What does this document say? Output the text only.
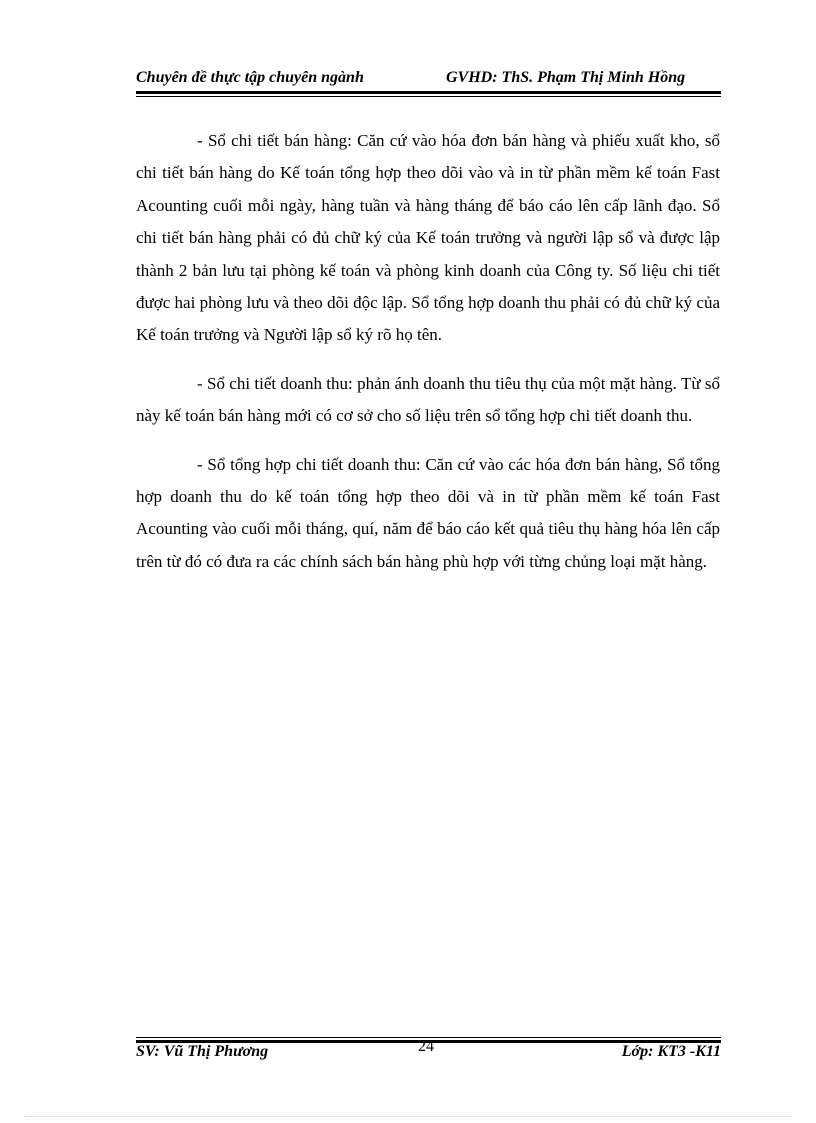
Chuyên đề thực tập chuyên ngành	GVHD: ThS. Phạm Thị Minh Hồng

- Sổ chi tiết bán hàng: Căn cứ vào hóa đơn bán hàng và phiếu xuất kho, sổ chi tiết bán hàng do Kế toán tổng hợp theo dõi vào và in từ phần mềm kế toán Fast Acounting cuối mỗi ngày, hàng tuần và hàng tháng để báo cáo lên cấp lãnh đạo. Sổ chi tiết bán hàng phải có đủ chữ ký của Kế toán trưởng và người lập sổ và được lập thành 2 bản lưu tại phòng kế toán và phòng kinh doanh của Công ty. Số liệu chi tiết được hai phòng lưu và theo dõi độc lập. Sổ tổng hợp doanh thu phải có đủ chữ ký của Kế toán trưởng và Người lập sổ ký rõ họ tên.

- Sổ chi tiết doanh thu: phản ánh doanh thu tiêu thụ của một mặt hàng. Từ sổ này kế toán bán hàng mới có cơ sở cho số liệu trên sổ tổng hợp chi tiết doanh thu.

- Sổ tổng hợp chi tiết doanh thu: Căn cứ vào các hóa đơn bán hàng, Sổ tổng hợp doanh thu do kế toán tổng hợp theo dõi và in từ phần mềm kế toán Fast Acounting vào cuối mỗi tháng, quí, năm để báo cáo kết quả tiêu thụ hàng hóa lên cấp trên từ đó có đưa ra các chính sách bán hàng phù hợp với từng chủng loại mặt hàng.

SV: Vũ Thị Phương	24	Lớp: KT3 -K11
